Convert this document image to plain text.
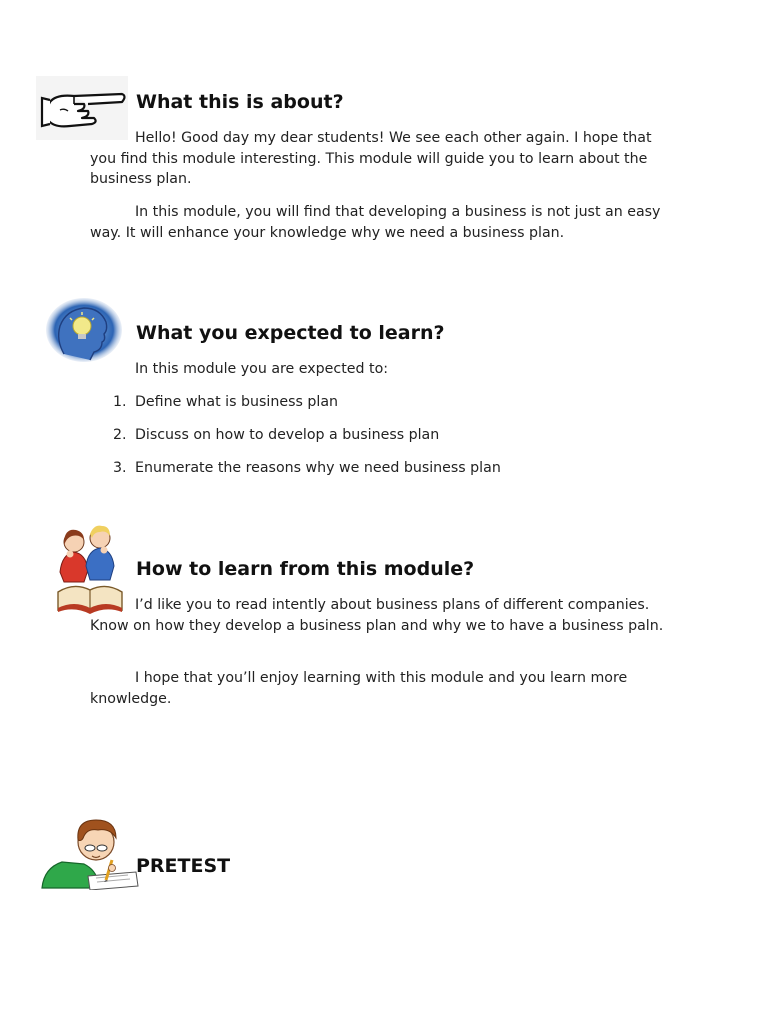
What this is about?

Hello! Good day my dear students! We see each other again. I hope that you find this module interesting. This module will guide you to learn about the business plan.

In this module, you will find that developing a business is not just an easy way. It will enhance your knowledge why we need a business plan.

What you expected to learn?

In this module you are expected to:

1. Define what is business plan
2. Discuss on how to develop a business plan
3. Enumerate the reasons why we need business plan
How to learn from this module?

I’d like you to read intently about business plans of different companies. Know on how they develop a business plan and why we to have a business paln.

I hope that you’ll enjoy learning with this module and you learn more knowledge.

PRETEST
